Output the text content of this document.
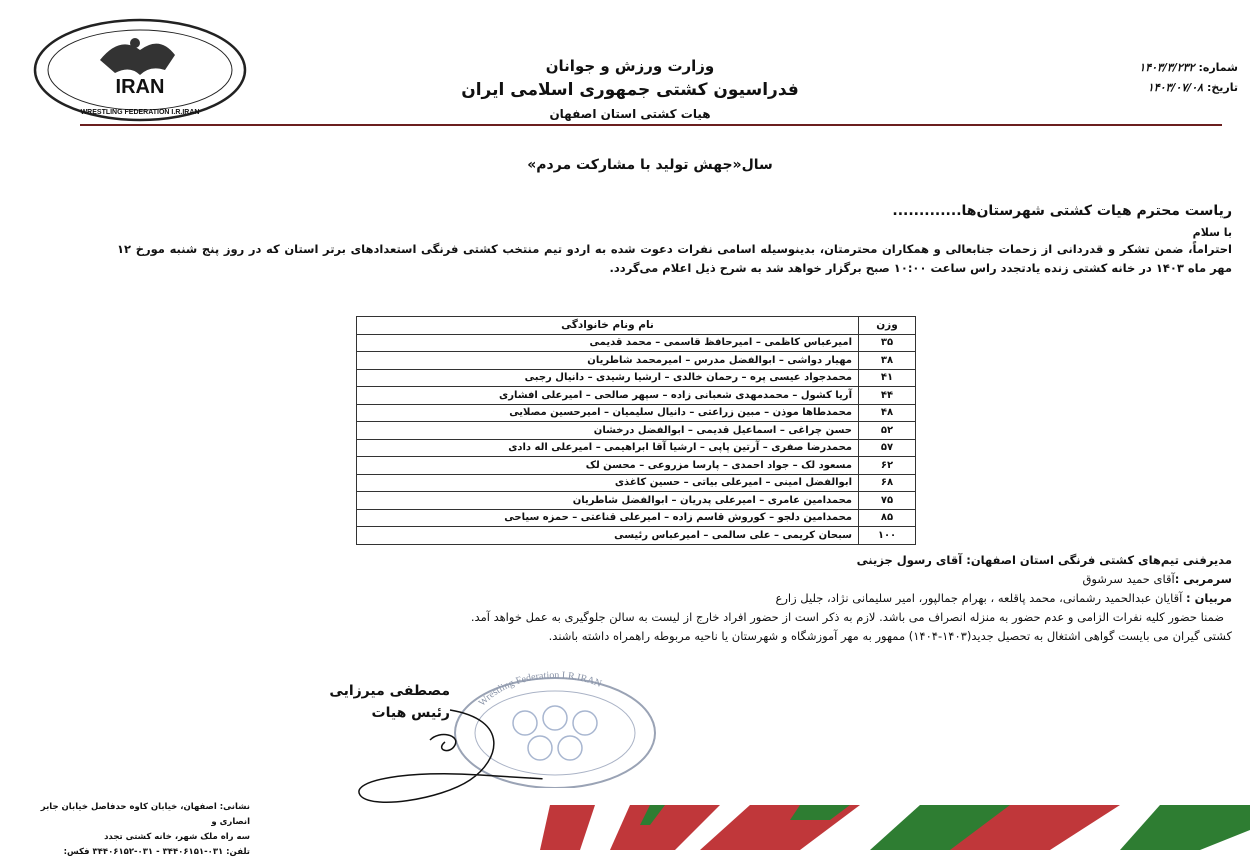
IRAN
WRESTLING FEDERATION I.R.IRAN
وزارت ورزش و جوانان
فدراسیون کشتی جمهوری اسلامی ایران
هیات کشتی استان اصفهان
شماره: ۱۴۰۳/۳/۲۳۲
تاریخ: ۱۴۰۳/۰۷/۰۸
سال«جهش تولید با مشارکت مردم»
ریاست محترم هیات کشتی شهرستان‌ها.............
با سلام
احتراماً، ضمن تشکر و قدردانی از زحمات جنابعالی و همکاران محترمتان، بدینوسیله اسامی نفرات دعوت شده به اردو تیم منتخب کشتی فرنگی استعدادهای برتر استان که در روز پنج شنبه مورخ ۱۲ مهر ماه ۱۴۰۳ در خانه کشتی زنده یادتجدد راس ساعت ۱۰:۰۰ صبح برگزار خواهد شد به شرح ذیل اعلام می‌گردد.
وزن	نام ونام خانوادگی
۳۵	امیرعباس کاظمی – امیرحافظ قاسمی – محمد قدیمی
۳۸	مهیار دواشی – ابوالفضل مدرس – امیرمحمد شاطریان
۴۱	محمدجواد عیسی پره – رحمان خالدی – ارشیا رشیدی – دانیال رجبی
۴۴	آریا کشول – محمدمهدی شعبانی زاده – سپهر صالحی – امیرعلی افشاری
۴۸	محمدطاها موذن – مبین زراعتی – دانیال سلیمیان – امیرحسین مصلایی
۵۲	حسن چراغی – اسماعیل قدیمی – ابوالفضل درخشان
۵۷	محمدرضا صفری – آرتین پاپی – ارشیا آقا ابراهیمی – امیرعلی اله دادی
۶۲	مسعود لک – جواد احمدی – پارسا مزروعی – محسن لک
۶۸	ابوالفضل امینی – امیرعلی بیاتی – حسین کاغذی
۷۵	محمدامین عامری – امیرعلی پدریان – ابوالفضل شاطریان
۸۵	محمدامین دلجو – کوروش قاسم زاده – امیرعلی قناعتی – حمزه سیاحی
۱۰۰	سبحان کریمی – علی سالمی – امیرعباس رئیسی
مدیرفنی تیم‌های کشتی فرنگی استان اصفهان: آقای رسول جزینی
سرمربی :آقای حمید سرشوق
مربیان : آقایان عبدالحمید رشمانی، محمد پاقلعه ، بهرام جمالپور، امیر سلیمانی نژاد، جلیل زارع
ضمنا حضور کلیه نفرات الزامی و عدم حضور به منزله انصراف می باشد. لازم به ذکر است از حضور افراد خارج از لیست به سالن جلوگیری به عمل خواهد آمد.
کشتی گیران می بایست گواهی اشتغال به تحصیل جدید(۱۴۰۳-۱۴۰۴) ممهور به مهر آموزشگاه و شهرستان یا ناحیه مربوطه راهمراه داشته باشند.
Wrestling Federation I.R.IRAN
مصطفی میرزایی
رئیس هیات
نشانی: اصفهان، خیابان کاوه حدفاصل خیابان جابر انصاری و
سه راه ملک شهر، خانه کشتی تجدد
تلفن: ۰۳۱-۳۴۴۰۶۱۵۱ - ۰۳۱-۳۴۴۰۶۱۵۲ فکس:
